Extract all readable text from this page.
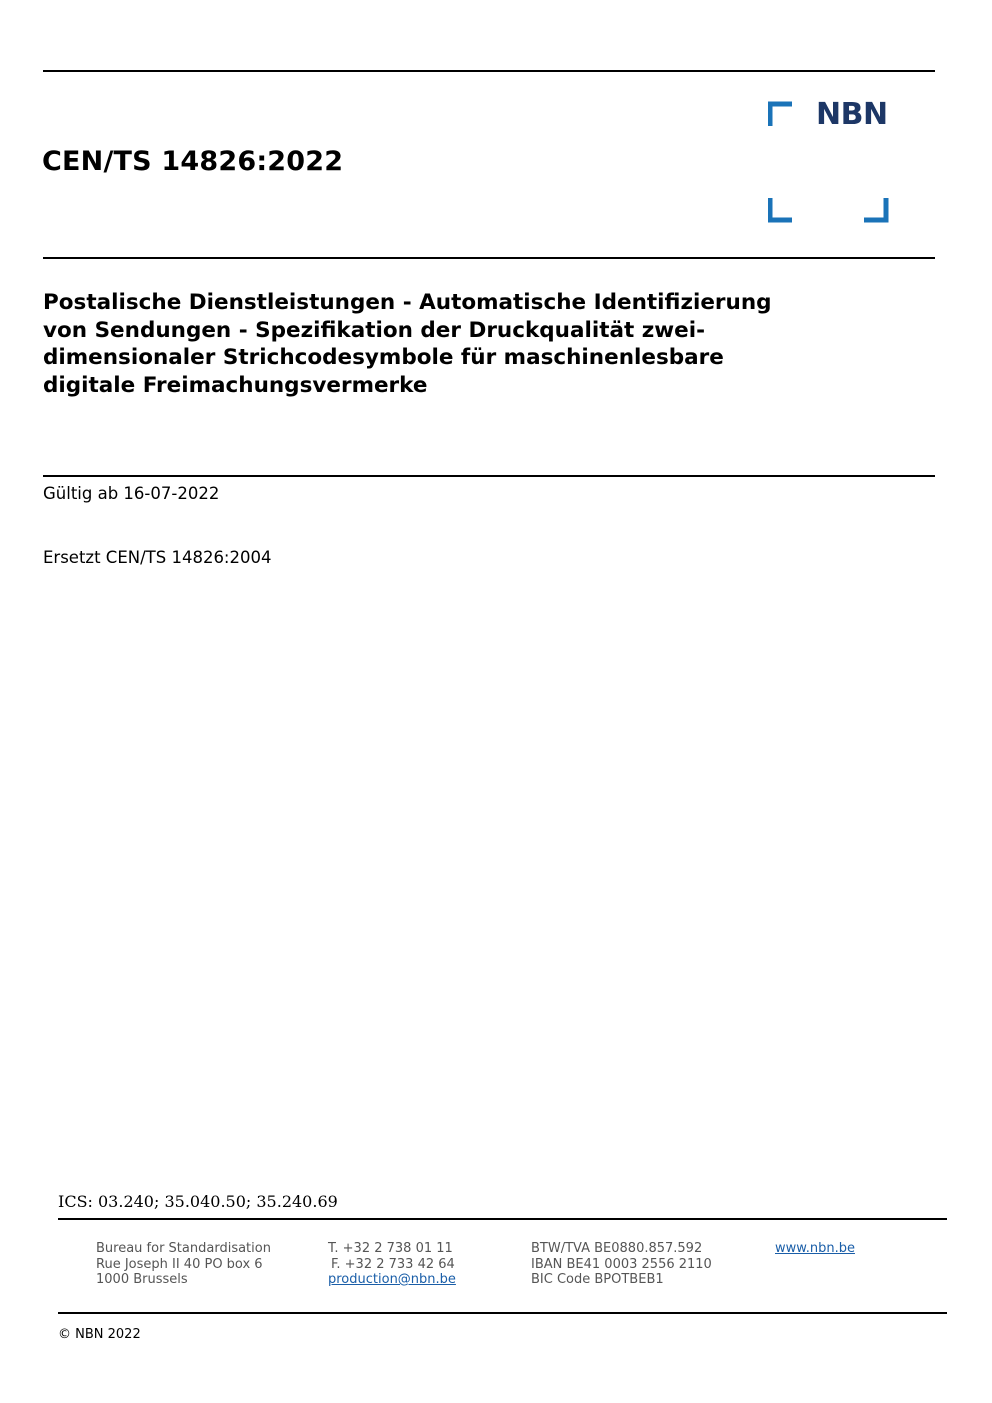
CEN/TS 14826:2022
NBN
Postalische Dienstleistungen - Automatische Identifizierung
von Sendungen - Spezifikation der Druckqualität zwei-
dimensionaler Strichcodesymbole für maschinenlesbare
digitale Freimachungsvermerke
Gültig ab 16-07-2022
Ersetzt CEN/TS 14826:2004
ICS: 03.240; 35.040.50; 35.240.69
Bureau for Standardisation
Rue Joseph II 40 PO box 6
1000 Brussels
T. +32 2 738 01 11
F. +32 2 733 42 64
production@nbn.be
BTW/TVA BE0880.857.592
IBAN BE41 0003 2556 2110
BIC Code BPOTBEB1
www.nbn.be
© NBN 2022
